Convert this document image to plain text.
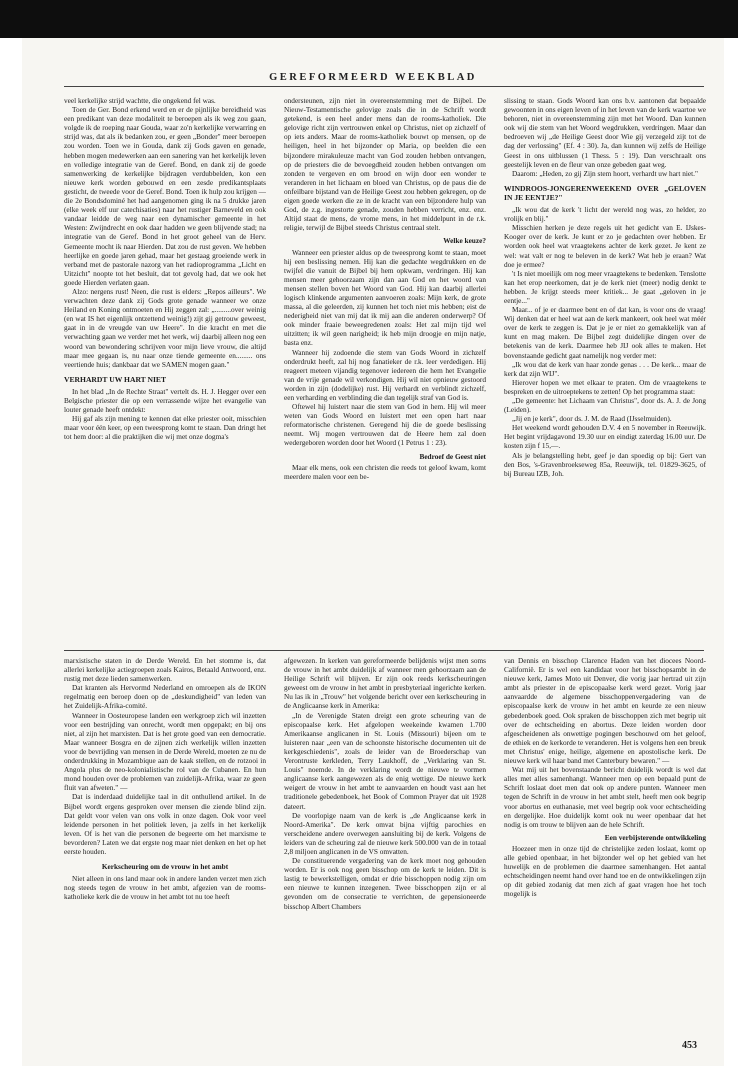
GEREFORMEERD WEEKBLAD

veel kerkelijke strijd wachtte, die ongekend fel was.

Toen de Ger. Bond erkend werd en er de pijnlijke bereidheid was een predikant van deze modaliteit te beroepen als ik weg zou gaan, volgde ik de roeping naar Gouda, waar zo'n kerkelijke verwarring en strijd was, dat als ik bedanken zou, er geen „Bonder" meer beroepen zou worden. Toen we in Gouda, dank zij Gods gaven en genade, hebben mogen medewerken aan een sanering van het kerkelijk leven en volledige integratie van de Geref. Bond, en dank zij de goede samenwerking de kerkelijke bijdragen verdubbelden, kon een nieuwe kerk worden gebouwd en een zesde predikantsplaats gesticht, de tweede voor de Geref. Bond. Toen ik hulp zou krijgen — die 2e Bondsdominé het had aangenomen ging ik na 5 drukke jaren (elke week elf uur catechisaties) naar het rustiger Barneveld en ook vandaar leidde de weg naar een dynamischer gemeente in het Westen: Zwijndrecht en ook daar hadden we geen blijvende stad; na integratie van de Geref. Bond in het groot geheel van de Herv. Gemeente mocht ik naar Hierden. Dat zou de rust geven. We hebben heerlijke en goede jaren gehad, maar het gestaag groeiende werk in verband met de pastorale nazorg van het radioprogramma „Licht en Uitzicht" noopte tot het besluit, dat tot gevolg had, dat we ook het goede Hierden verlaten gaan.

Alzo: nergens rust! Neen, die rust is elders: „Repos ailleurs". We verwachten deze dank zij Gods grote genade wanneer we onze Heiland en Koning ontmoeten en Hij zeggen zal: „.........over weinig (en wat IS het eigenlijk ontzettend weinig!) zijt gij getrouw geweest, gaat in in de vreugde van uw Heere". In die kracht en met die verwachting gaan we verder met het werk, wij daarbij alleen nog een woord van bewondering schrijven voor mijn lieve vrouw, die altijd maar mee gegaan is, nu naar onze tiende gemeente en......... ons veertiende huis; dankbaar dat we SAMEN mogen gaan."

VERHARDT UW HART NIET

In het blad „In de Rechte Straat" vertelt ds. H. J. Hegger over een Belgische priester die op een verrassende wijze het evangelie van louter genade heeft ontdekt:

Hij gaf als zijn mening te kennen dat elke priester ooit, misschien maar voor één keer, op een tweesprong komt te staan. Dan dringt het tot hem door: al die praktijken die wij met onze dogma's

ondersteunen, zijn niet in overeenstemming met de Bijbel. De Nieuw-Testamentische gelovige zoals die in de Schrift wordt getekend, is een heel ander mens dan de rooms-katholiek. Die gelovige richt zijn vertrouwen enkel op Christus, niet op zichzelf of op iets anders. Maar de rooms-katholiek bouwt op mensen, op de heiligen, heel in het bijzonder op Maria, op beelden die een bijzondere mirakuleuze macht van God zouden hebben ontvangen, op de priesters die de bevoegdheid zouden hebben ontvangen om zonden te vergeven en om brood en wijn door een wonder te veranderen in het lichaam en bloed van Christus, op de paus die de onfeilbare bijstand van de Heilige Geest zou hebben gekregen, op de eigen goede werken die ze in de kracht van een bijzondere hulp van God, de z.g. ingestorte genade, zouden hebben verricht, enz. enz. Altijd staat de mens, de vrome mens, in het middelpunt in de r.k. religie, terwijl de Bijbel steeds Christus centraal stelt.

Welke keuze?

Wanneer een priester aldus op de tweesprong komt te staan, moet hij een beslissing nemen. Hij kan die gedachte wegdrukken en de twijfel die vanuit de Bijbel bij hem opkwam, verdringen. Hij kan mensen meer gehoorzaam zijn dan aan God en het woord van mensen stellen boven het Woord van God. Hij kan daarbij allerlei logisch klinkende argumenten aanvoeren zoals: Mijn kerk, de grote massa, al die geleerden, zij kunnen het toch niet mis hebben; eist de nederigheid niet van mij dat ik mij aan die anderen onderwerp? Of ook minder fraaie beweegredenen zoals: Het zal mijn tijd wel uitzitten; ik wil geen narigheid; ik heb mijn droogje en mijn natje, basta enz.

Wanneer hij zodoende die stem van Gods Woord in zichzelf onderdrukt heeft, zal hij nog fanatieker de r.k. leer verdedigen. Hij reageert meteen vijandig tegenover iedereen die hem het Evangelie van de vrije genade wil verkondigen. Hij wil niet opnieuw gestoord worden in zijn (dodelijke) rust. Hij verhardt en verblindt zichzelf, een verharding en verblinding die dan tegelijk straf van God is.

Oftewel hij luistert naar die stem van God in hem. Hij wil meer weten van Gods Woord en luistert met een open hart naar reformatorische christenen. Geregend hij die de goede beslissing neemt. Wij mogen vertrouwen dat de Heere hem zal doen wedergeboren worden door het Woord (1 Petrus 1 : 23).

Bedroef de Geest niet

Maar elk mens, ook een christen die reeds tot geloof kwam, komt meerdere malen voor een be-

slissing te staan. Gods Woord kan ons b.v. aantonen dat bepaalde gewoonten in ons eigen leven of in het leven van de kerk waartoe we behoren, niet in overeenstemming zijn met het Woord. Dan kunnen ook wij die stem van het Woord wegdrukken, verdringen. Maar dan bedroeven wij „de Heilige Geest door Wie gij verzegeld zijt tot de dag der verlossing" (Ef. 4 : 30). Ja, dan kunnen wij zelfs de Heilige Geest in ons uitblussen (1 Thess. 5 : 19). Dan verschraalt ons geestelijk leven en de fleur van onze gebeden gaat weg.

Daarom: „Heden, zo gij Zijn stem hoort, verhardt uw hart niet."

WINDROOS-JONGERENWEEKEND OVER „GELOVEN IN JE EENTJE?"

„Ik wou dat de kerk 't licht der wereld nog was, zo helder, zo vrolijk en blij."

Misschien herken je deze regels uit het gedicht van E. IJskes-Kooger over de kerk. Je kunt er zo je gedachten over hebben. Er worden ook heel wat vraagtekens achter de kerk gezet. Je kent ze wel: wat valt er nog te beleven in de kerk? Wat heb je eraan? Wat doe je ermee?

't Is niet moeilijk om nog meer vraagtekens te bedenken. Tenslotte kan het erop neerkomen, dat je de kerk niet (meer) nodig denkt te hebben. Je krijgt steeds meer kritiek... Je gaat „geloven in je eentje..."

Maar... of je er daarmee bent en of dat kan, is voor ons de vraag! Wij denken dat er heel wat aan de kerk mankeert, ook heel wat méér over de kerk te zeggen is. Dat je je er niet zo gemakkelijk van af kunt en mag maken. De Bijbel zegt duidelijke dingen over de betekenis van de kerk. Daarmee heb JIJ ook alles te maken. Het bovenstaande gedicht gaat namelijk nog verder met:

„Ik wou dat de kerk van haar zonde genas . . . De kerk... maar de kerk dat zijn WIJ".

Hierover hopen we met elkaar te praten. Om de vraagtekens te bespreken en de uitroeptekens te zetten! Op het programma staat:

„De gemeente: het Lichaam van Christus", door ds. A. J. de Jong (Leiden).

„Jij en je kerk", door ds. J. M. de Raad (IJsselmuiden).

Het weekend wordt gehouden D.V. 4 en 5 november in Reeuwijk. Het begint vrijdagavond 19.30 uur en eindigt zaterdag 16.00 uur. De kosten zijn f 15,—.

Als je belangstelling hebt, geef je dan spoedig op bij: Gert van den Bos, 's-Gravenbroekseweg 85a, Reeuwijk, tel. 01829-3625, of bij Bureau IZB, Joh.

marxistische staten in de Derde Wereld. En het stomme is, dat allerlei kerkelijke actiegroepen zoals Kairos, Betaald Antwoord, enz. rustig met deze lieden samenwerken.

Dat kranten als Hervormd Nederland en omroepen als de IKON regelmatig een beroep doen op de „deskundigheid" van leden van het Zuidelijk-Afrika-comité.

Wanneer in Oosteuropese landen een werkgroep zich wil inzetten voor een bestrijding van onrecht, wordt men opgepakt; en bij ons niet, al zijn het marxisten. Dat is het grote goed van een democratie. Maar wanneer Bosgra en de zijnen zich werkelijk willen inzetten voor de bevrijding van mensen in de Derde Wereld, moeten ze nu de onderdrukking in Mozambique aan de kaak stellen, en de rotzooi in Angola plus de neo-kolonialistische rol van de Cubanen. En hun mond houden over de problemen van zuidelijk-Afrika, waar ze geen fluit van afweten." —

Dat is inderdaad duidelijke taal in dit onthullend artikel. In de Bijbel wordt ergens gesproken over mensen die ziende blind zijn. Dat geldt voor velen van ons volk in onze dagen. Ook voor veel leidende personen in het politiek leven, ja zelfs in het kerkelijk leven. Of is het van die personen de begeerte om het marxisme te bevorderen? Laten we dat ergste nog maar niet denken en het op het eerste houden.

Kerkscheuring om de vrouw in het ambt

Niet alleen in ons land maar ook in andere landen verzet men zich nog steeds tegen de vrouw in het ambt, afgezien van de rooms-katholieke kerk die de vrouw in het ambt tot nu toe heeft

afgewezen. In kerken van gereformeerde belijdenis wijst men soms de vrouw in het ambt duidelijk af wanneer men gehoorzaam aan de Heilige Schrift wil blijven. Er zijn ook reeds kerkscheuringen geweest om de vrouw in het ambt in presbyteriaal ingerichte kerken. Nu las ik in „Trouw" het volgende bericht over een kerkscheuring in de Anglicaanse kerk in Amerika:

„In de Verenigde Staten dreigt een grote scheuring van de episcopaalse kerk. Het afgelopen weekeinde kwamen 1.700 Amerikaanse anglicanen in St. Louis (Missouri) bijeen om te luisteren naar „een van de schoonste historische documenten uit de kerkgeschiedenis", zoals de leider van de Broederschap van Verontruste kerkleden, Terry Laukhoff, de „Verklaring van St. Louis" noemde. In de verklaring wordt de nieuwe te vormen anglicaanse kerk aangewezen als de enig wettige. De nieuwe kerk weigert de vrouw in het ambt te aanvaarden en houdt vast aan het traditionele gebedenboek, het Book of Common Prayer dat uit 1928 dateert.

De voorlopige naam van de kerk is „de Anglicaanse kerk in Noord-Amerika". De kerk omvat bijna vijftig parochies en verscheidene andere overwegen aansluiting bij de kerk. Volgens de leiders van de scheuring zal de nieuwe kerk 500.000 van de in totaal 2,8 miljoen anglicanen in de VS omvatten.

De constituerende vergadering van de kerk moet nog gehouden worden. Er is ook nog geen bisschop om de kerk te leiden. Dit is lastig te bewerkstelligen, omdat er drie bisschoppen nodig zijn om een nieuwe te kunnen inzegenen. Twee bisschoppen zijn er al gevonden om de consecratie te verrichten, de gepensioneerde bisschop Albert Chambers

van Dennis en bisschop Clarence Haden van het diocees Noord-Californië. Er is wel een kandidaat voor het bisschopsambt in de nieuwe kerk, James Moto uit Denver, die vorig jaar hertrad uit zijn ambt als priester in de episcopaalse kerk werd gezet. Vorig jaar aanvaardde de algemene bisschoppenvergadering van de episcopaalse kerk de vrouw in het ambt en keurde ze een nieuw gebedenboek goed. Ook spraken de bisschoppen zich met begrip uit over de echtscheiding en abortus. Deze leiden worden door afgescheidenen als onwettige pogingen beschouwd om het geloof, de ethiek en de kerkorde te veranderen. Het is volgens hen een breuk met Christus' enige, heilige, algemene en apostolische kerk. De nieuwe kerk wil haar band met Canterbury bewaren." —

Wat mij uit het bovenstaande bericht duidelijk wordt is wel dat alles met alles samenhangt. Wanneer men op een bepaald punt de Schrift loslaat doet men dat ook op andere punten. Wanneer men tegen de Schrift in de vrouw in het ambt stelt, heeft men ook begrip voor abortus en euthanasie, met veel begrip ook voor echtscheiding en dergelijke. Hoe duidelijk komt ook nu weer openbaar dat het nodig is om trouw te blijven aan de hele Schrift.

Een verbijsterende ontwikkeling

Hoezeer men in onze tijd de christelijke zeden loslaat, komt op alle gebied openbaar, in het bijzonder wel op het gebied van het huwelijk en de problemen die daarmee samenhangen. Het aantal echtscheidingen neemt hand over hand toe en de ontwikkelingen zijn op dit gebied zodanig dat men zich af gaat vragen hoe het toch mogelijk is

453
